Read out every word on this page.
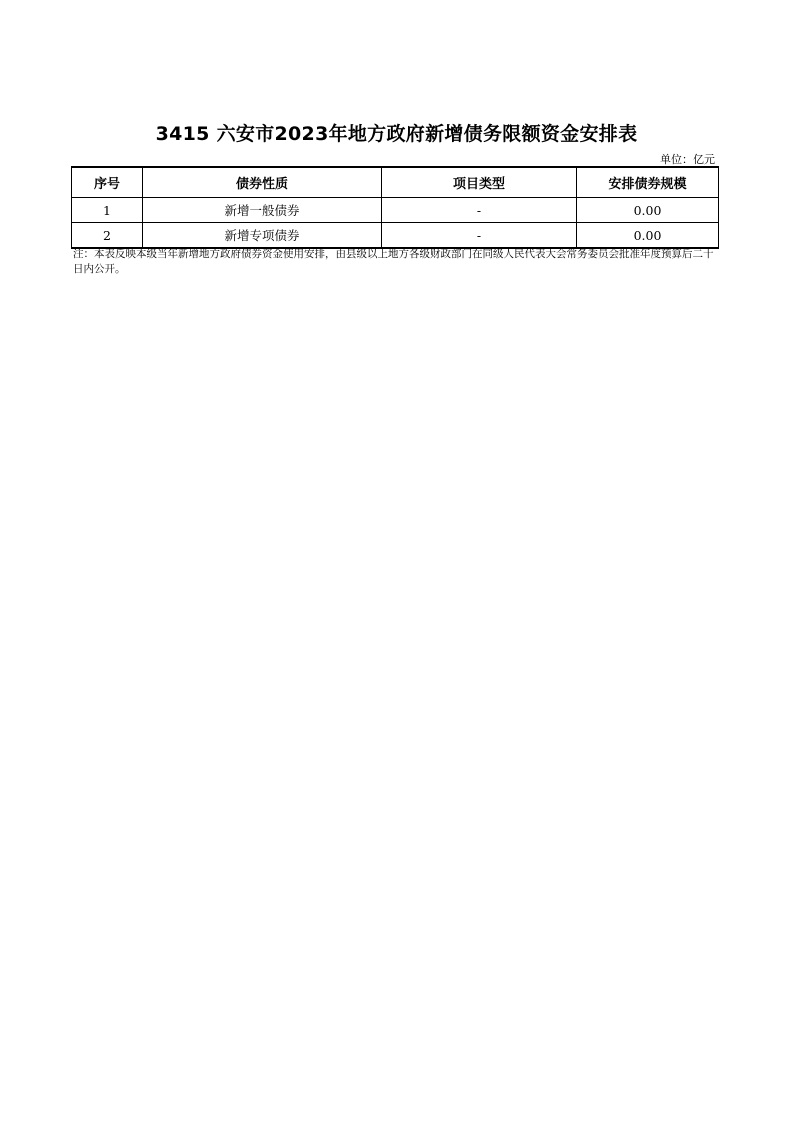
3415 六安市2023年地方政府新增债务限额资金安排表
单位：亿元
序号	债券性质	项目类型	安排债券规模
1	新增一般债券	-	0.00
2	新增专项债券	-	0.00
注：本表反映本级当年新增地方政府债券资金使用安排，由县级以上地方各级财政部门在同级人民代表大会常务委员会批准年度预算后二十日内公开。
